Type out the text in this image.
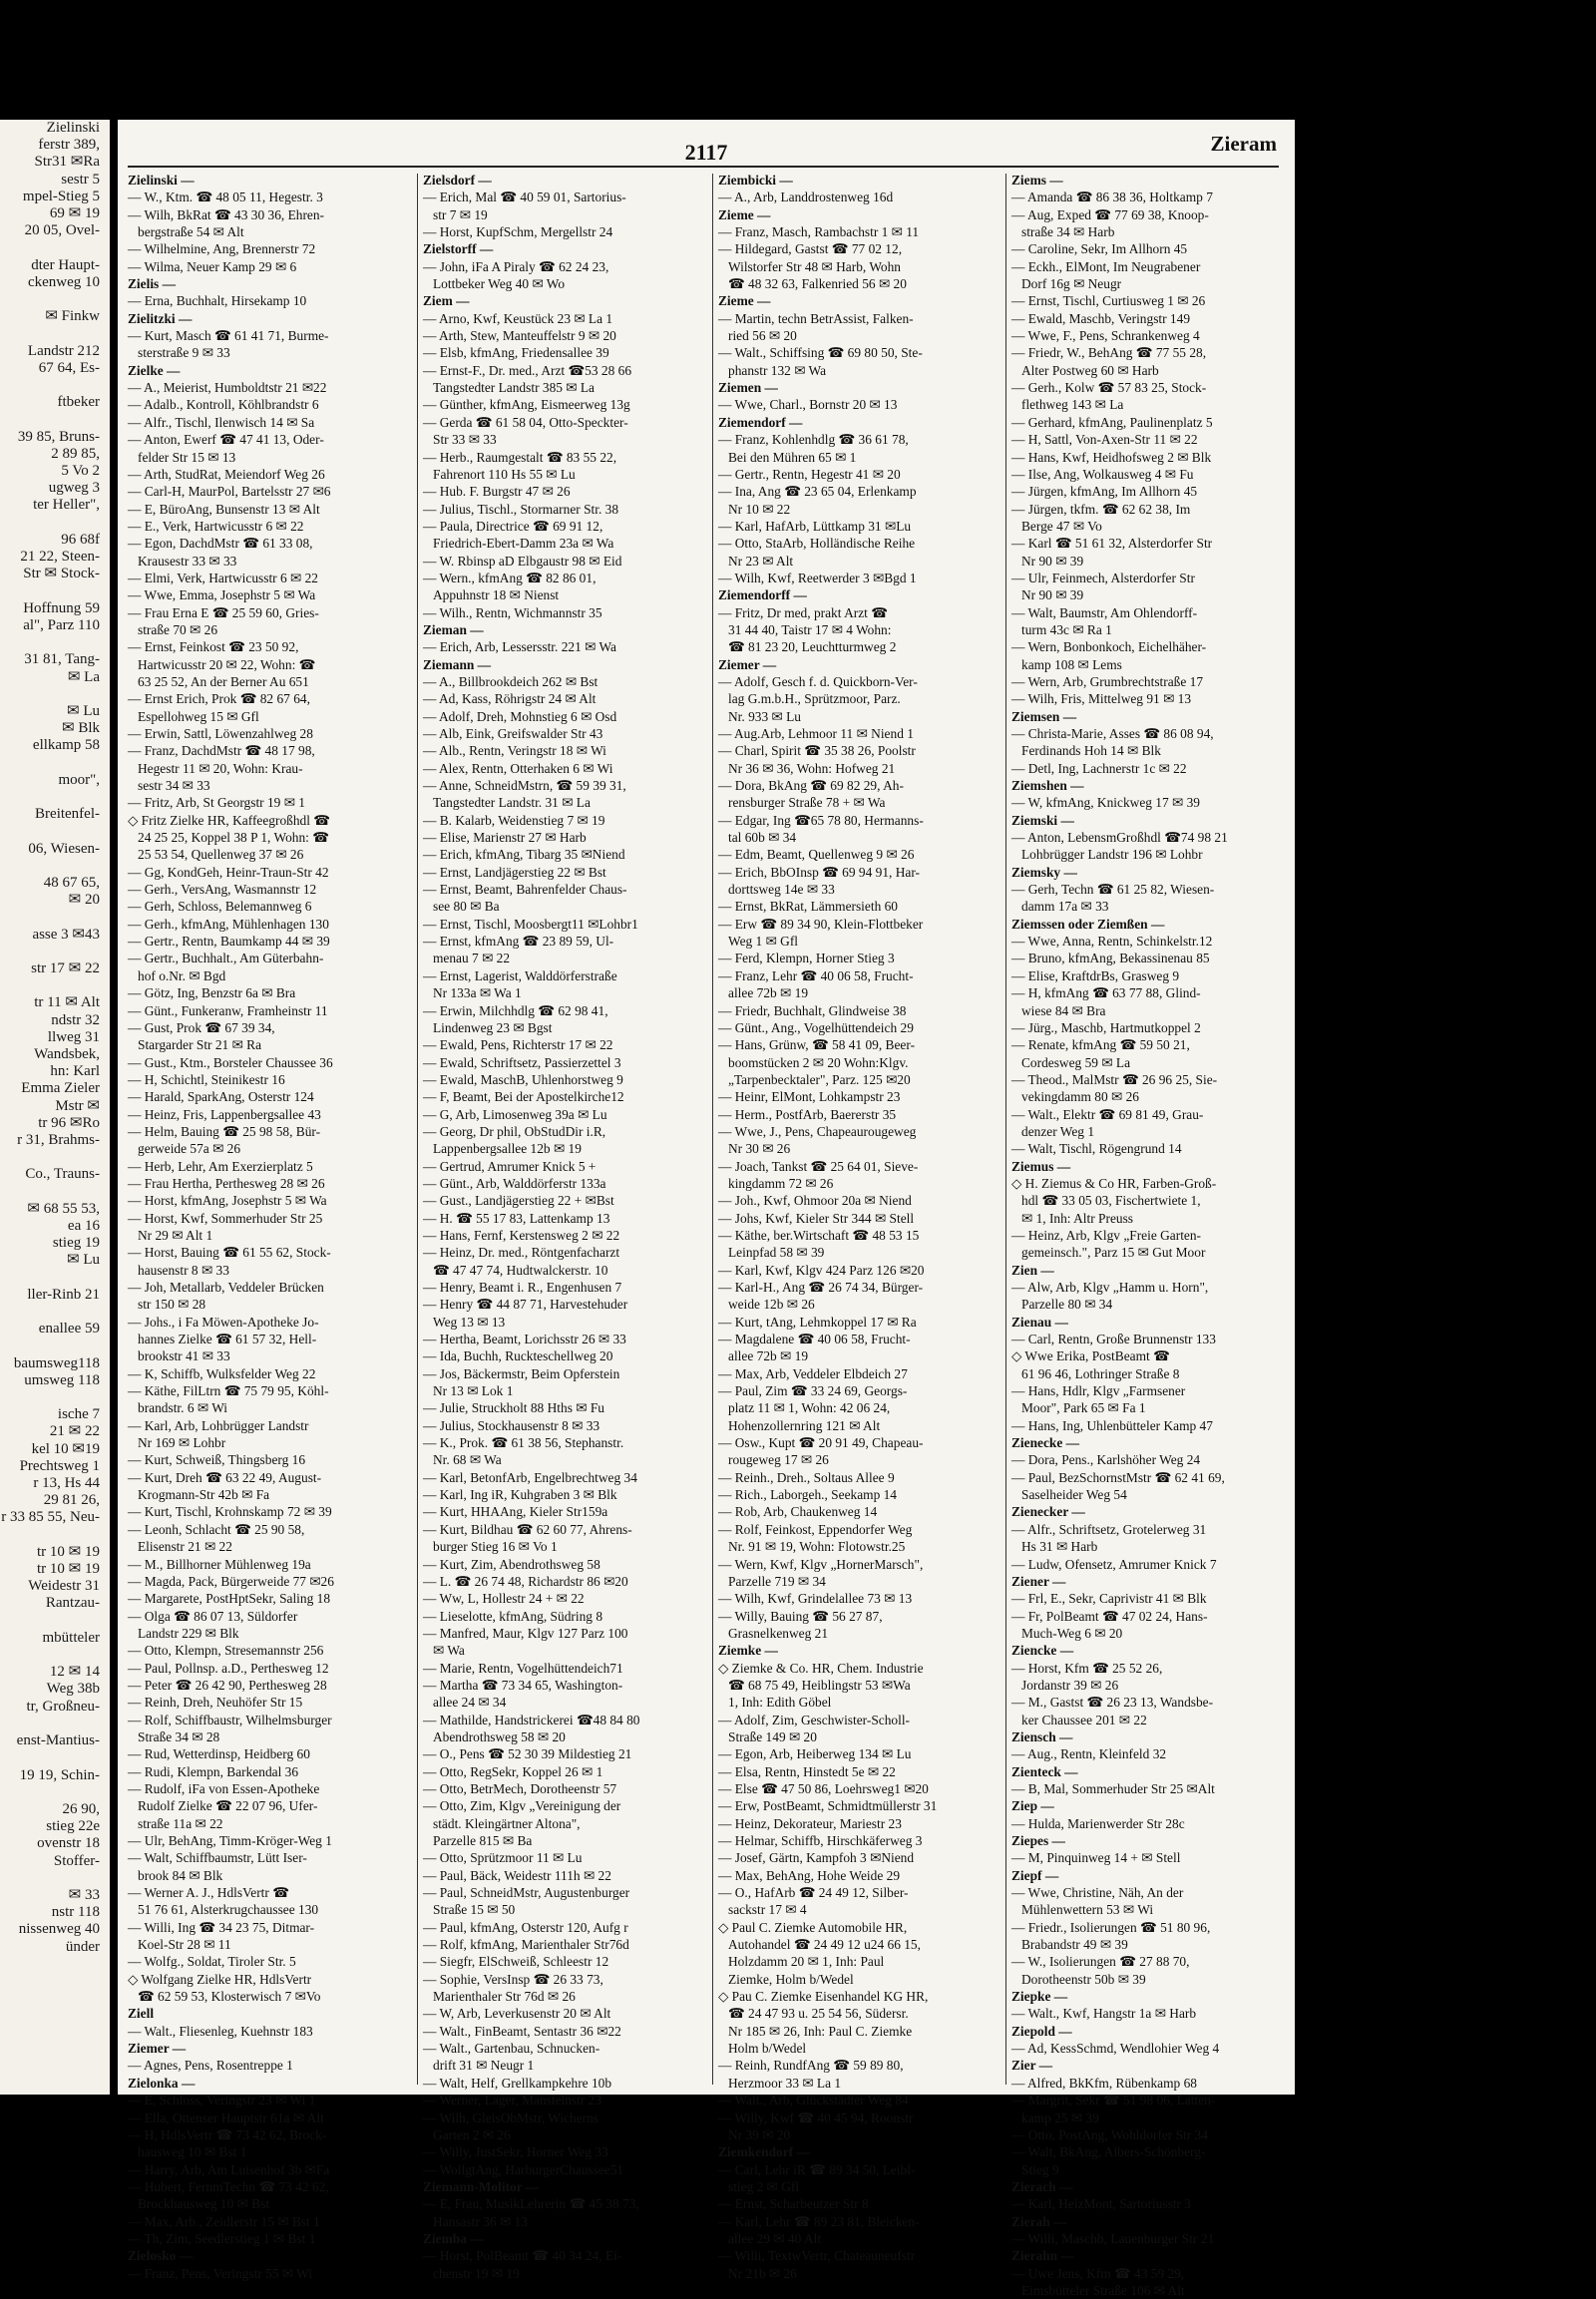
Zielinski
ferstr 389,
Str31 ✉Ra
sestr 5
mpel-Stieg 5
69 ✉ 19
20 05, Ovel-

dter Haupt-
ckenweg 10

✉ Finkw

Landstr 212
67 64, Es-

ftbeker

39 85, Bruns-
2 89 85,
5 Vo 2
ugweg 3
ter Heller",

96 68f
21 22, Steen-
Str ✉ Stock-

Hoffnung 59
al", Parz 110

31 81, Tang-
✉ La

✉ Lu
✉ Blk
ellkamp 58

moor",

Breitenfel-

06, Wiesen-

48 67 65,
✉ 20

asse 3 ✉43

str 17 ✉ 22

tr 11 ✉ Alt
ndstr 32
llweg 31
Wandsbek,
hn: Karl
Emma Zieler
Mstr ✉
tr 96 ✉Ro
r 31, Brahms-

Co., Trauns-

✉ 68 55 53,
ea 16
stieg 19
✉ Lu

ller-Rinb 21

enallee 59

baumsweg118
umsweg 118

ische 7
21 ✉ 22
kel 10 ✉19
Prechtsweg 1
r 13, Hs 44
29 81 26,
r 33 85 55, Neu-

tr 10 ✉ 19
tr 10 ✉ 19
Weidestr 31
Rantzau-

mbütteler

12 ✉ 14
Weg 38b
tr, Großneu-

enst-Mantius-

19 19, Schin-

26 90,
stieg 22e
ovenstr 18
Stoffer-

✉ 33
nstr 118
nissenweg 40
ünder
2117	Zieram
Zielinski —
— W., Ktm. ☎ 48 05 11, Hegestr. 3
— Wilh, BkRat ☎ 43 30 36, Ehren-
bergstraße 54 ✉ Alt
— Wilhelmine, Ang, Brennerstr 72
— Wilma, Neuer Kamp 29 ✉ 6
Zielis —
— Erna, Buchhalt, Hirsekamp 10
Zielitzki —
— Kurt, Masch ☎ 61 41 71, Burme-
sterstraße 9 ✉ 33
Zielke —
— A., Meierist, Humboldtstr 21 ✉22
— Adalb., Kontroll, Köhlbrandstr 6
— Alfr., Tischl, Ilenwisch 14 ✉ Sa
— Anton, Ewerf ☎ 47 41 13, Oder-
felder Str 15 ✉ 13
— Arth, StudRat, Meiendorf Weg 26
— Carl-H, MaurPol, Bartelsstr 27 ✉6
— E, BüroAng, Bunsenstr 13 ✉ Alt
— E., Verk, Hartwicusstr 6 ✉ 22
— Egon, DachdMstr ☎ 61 33 08,
Krausestr 33 ✉ 33
— Elmi, Verk, Hartwicusstr 6 ✉ 22
— Wwe, Emma, Josephstr 5 ✉ Wa
— Frau Erna E ☎ 25 59 60, Gries-
straße 70 ✉ 26
— Ernst, Feinkost ☎ 23 50 92,
Hartwicusstr 20 ✉ 22, Wohn: ☎
63 25 52, An der Berner Au 651
— Ernst Erich, Prok ☎ 82 67 64,
Espellohweg 15 ✉ Gfl
— Erwin, Sattl, Löwenzahlweg 28
— Franz, DachdMstr ☎ 48 17 98,
Hegestr 11 ✉ 20, Wohn: Krau-
sestr 34 ✉ 33
— Fritz, Arb, St Georgstr 19 ✉ 1
◇ Fritz Zielke HR, Kaffeegroßhdl ☎
24 25 25, Koppel 38 P 1, Wohn: ☎
25 53 54, Quellenweg 37 ✉ 26
— Gg, KondGeh, Heinr-Traun-Str 42
— Gerh., VersAng, Wasmannstr 12
— Gerh, Schloss, Belemannweg 6
— Gerh., kfmAng, Mühlenhagen 130
— Gertr., Rentn, Baumkamp 44 ✉ 39
— Gertr., Buchhalt., Am Güterbahn-
hof o.Nr. ✉ Bgd
— Götz, Ing, Benzstr 6a ✉ Bra
— Günt., Funkeranw, Framheinstr 11
— Gust, Prok ☎ 67 39 34,
Stargarder Str 21 ✉ Ra
— Gust., Ktm., Borsteler Chaussee 36
— H, Schichtl, Steinikestr 16
— Harald, SparkAng, Osterstr 124
— Heinz, Fris, Lappenbergsallee 43
— Helm, Bauing ☎ 25 98 58, Bür-
gerweide 57a ✉ 26
— Herb, Lehr, Am Exerzierplatz 5
— Frau Hertha, Perthesweg 28 ✉ 26
— Horst, kfmAng, Josephstr 5 ✉ Wa
— Horst, Kwf, Sommerhuder Str 25
Nr 29 ✉ Alt 1
— Horst, Bauing ☎ 61 55 62, Stock-
hausenstr 8 ✉ 33
— Joh, Metallarb, Veddeler Brücken
str 150 ✉ 28
— Johs., i Fa Möwen-Apotheke Jo-
hannes Zielke ☎ 61 57 32, Hell-
brookstr 41 ✉ 33
— K, Schiffb, Wulksfelder Weg 22
— Käthe, FilLtrn ☎ 75 79 95, Köhl-
brandstr. 6 ✉ Wi
— Karl, Arb, Lohbrügger Landstr
Nr 169 ✉ Lohbr
— Kurt, Schweiß, Thingsberg 16
— Kurt, Dreh ☎ 63 22 49, August-
Krogmann-Str 42b ✉ Fa
— Kurt, Tischl, Krohnskamp 72 ✉ 39
— Leonh, Schlacht ☎ 25 90 58,
Elisenstr 21 ✉ 22
— M., Billhorner Mühlenweg 19a
— Magda, Pack, Bürgerweide 77 ✉26
— Margarete, PostHptSekr, Saling 18
— Olga ☎ 86 07 13, Süldorfer
Landstr 229 ✉ Blk
— Otto, Klempn, Stresemannstr 256
— Paul, Pollnsp. a.D., Perthesweg 12
— Peter ☎ 26 42 90, Perthesweg 28
— Reinh, Dreh, Neuhöfer Str 15
— Rolf, Schiffbaustr, Wilhelmsburger
Straße 34 ✉ 28
— Rud, Wetterdinsp, Heidberg 60
— Rudi, Klempn, Barkendal 36
— Rudolf, iFa von Essen-Apotheke
Rudolf Zielke ☎ 22 07 96, Ufer-
straße 11a ✉ 22
— Ulr, BehAng, Timm-Kröger-Weg 1
— Walt, Schiffbaumstr, Lütt Iser-
brook 84 ✉ Blk
— Werner A. J., HdlsVertr ☎
51 76 61, Alsterkrugchaussee 130
— Willi, Ing ☎ 34 23 75, Ditmar-
Koel-Str 28 ✉ 11
— Wolfg., Soldat, Tiroler Str. 5
◇ Wolfgang Zielke HR, HdlsVertr
☎ 62 59 53, Klosterwisch 7 ✉Vo
Ziell
— Walt., Fliesenleg, Kuehnstr 183
Ziemer —
— Agnes, Pens, Rosentreppe 1
Zielonka —
— E, Schloss, Veringstr 23 ✉ Wi 1
— Ella, Ottenser Hauptstr 61a ✉ Alt
— H, HdlsVertr ☎ 73 42 62, Brock-
hausweg 10 ✉ Bst 1
— Harry, Arb, Am Luisenhof 3b ✉Fa
— Hubert, FernmTechn ☎ 73 42 62,
Brockhausweg 10 ✉ Bst
— Max, Arb., Zeidlerstr 15 ✉ Bst 1
— Th, Zim, Seedlerstieg 1 ✉ Bst 1
Zielosko —
— Franz, Pens, Veringstr 55 ✉ Wi
Zielsdorf —
— Erich, Mal ☎ 40 59 01, Sartorius-
str 7 ✉ 19
— Horst, KupfSchm, Mergellstr 24
Zielstorff —
— John, iFa A Piraly ☎ 62 24 23,
Lottbeker Weg 40 ✉ Wo
Ziem —
— Arno, Kwf, Keustück 23 ✉ La 1
— Arth, Stew, Manteuffelstr 9 ✉ 20
— Elsb, kfmAng, Friedensallee 39
— Ernst-F., Dr. med., Arzt ☎53 28 66
Tangstedter Landstr 385 ✉ La
— Günther, kfmAng, Eismeerweg 13g
— Gerda ☎ 61 58 04, Otto-Speckter-
Str 33 ✉ 33
— Herb., Raumgestalt ☎ 83 55 22,
Fahrenort 110 Hs 55 ✉ Lu
— Hub. F. Burgstr 47 ✉ 26
— Julius, Tischl., Stormarner Str. 38
— Paula, Directrice ☎ 69 91 12,
Friedrich-Ebert-Damm 23a ✉ Wa
— W. Rbinsp aD Elbgaustr 98 ✉ Eid
— Wern., kfmAng ☎ 82 86 01,
Appuhnstr 18 ✉ Nienst
— Wilh., Rentn, Wichmannstr 35
Zieman —
— Erich, Arb, Lessersstr. 221 ✉ Wa
Ziemann —
— A., Billbrookdeich 262 ✉ Bst
— Ad, Kass, Röhrigstr 24 ✉ Alt
— Adolf, Dreh, Mohnstieg 6 ✉ Osd
— Alb, Eink, Greifswalder Str 43
— Alb., Rentn, Veringstr 18 ✉ Wi
— Alex, Rentn, Otterhaken 6 ✉ Wi
— Anne, SchneidMstrn, ☎ 59 39 31,
Tangstedter Landstr. 31 ✉ La
— B. Kalarb, Weidenstieg 7 ✉ 19
— Elise, Marienstr 27 ✉ Harb
— Erich, kfmAng, Tibarg 35 ✉Niend
— Ernst, Landjägerstieg 22 ✉ Bst
— Ernst, Beamt, Bahrenfelder Chaus-
see 80 ✉ Ba
— Ernst, Tischl, Moosbergt11 ✉Lohbr1
— Ernst, kfmAng ☎ 23 89 59, Ul-
menau 7 ✉ 22
— Ernst, Lagerist, Walddörferstraße
Nr 133a ✉ Wa 1
— Erwin, Milchhdlg ☎ 62 98 41,
Lindenweg 23 ✉ Bgst
— Ewald, Pens, Richterstr 17 ✉ 22
— Ewald, Schriftsetz, Passierzettel 3
— Ewald, MaschB, Uhlenhorstweg 9
— F, Beamt, Bei der Apostelkirche12
— G, Arb, Limosenweg 39a ✉ Lu
— Georg, Dr phil, ObStudDir i.R,
Lappenbergsallee 12b ✉ 19
— Gertrud, Amrumer Knick 5 +
— Günt., Arb, Walddörferstr 133a
— Gust., Landjägerstieg 22 + ✉Bst
— H. ☎ 55 17 83, Lattenkamp 13
— Hans, Fernf, Kerstensweg 2 ✉ 22
— Heinz, Dr. med., Röntgenfacharzt
☎ 47 47 74, Hudtwalckerstr. 10
— Henry, Beamt i. R., Engenhusen 7
— Henry ☎ 44 87 71, Harvestehuder
Weg 13 ✉ 13
— Hertha, Beamt, Lorichsstr 26 ✉ 33
— Ida, Buchh, Ruckteschellweg 20
— Jos, Bäckermstr, Beim Opferstein
Nr 13 ✉ Lok 1
— Julie, Struckholt 88 Hths ✉ Fu
— Julius, Stockhausenstr 8 ✉ 33
— K., Prok. ☎ 61 38 56, Stephanstr.
Nr. 68 ✉ Wa
— Karl, BetonfArb, Engelbrechtweg 34
— Karl, Ing iR, Kuhgraben 3 ✉ Blk
— Kurt, HHAAng, Kieler Str159a
— Kurt, Bildhau ☎ 62 60 77, Ahrens-
burger Stieg 16 ✉ Vo 1
— Kurt, Zim, Abendrothsweg 58
— L. ☎ 26 74 48, Richardstr 86 ✉20
— Ww, L, Hollestr 24 + ✉ 22
— Lieselotte, kfmAng, Südring 8
— Manfred, Maur, Klgv 127 Parz 100
✉ Wa
— Marie, Rentn, Vogelhüttendeich71
— Martha ☎ 73 34 65, Washington-
allee 24 ✉ 34
— Mathilde, Handstrickerei ☎48 84 80
Abendrothsweg 58 ✉ 20
— O., Pens ☎ 52 30 39 Mildestieg 21
— Otto, RegSekr, Koppel 26 ✉ 1
— Otto, BetrMech, Dorotheenstr 57
— Otto, Zim, Klgv „Vereinigung der
städt. Kleingärtner Altona",
Parzelle 815 ✉ Ba
— Otto, Sprützmoor 11 ✉ Lu
— Paul, Bäck, Weidestr 111h ✉ 22
— Paul, SchneidMstr, Augustenburger
Straße 15 ✉ 50
— Paul, kfmAng, Osterstr 120, Aufg r
— Rolf, kfmAng, Marienthaler Str76d
— Siegfr, ElSchweiß, Schleestr 12
— Sophie, VersInsp ☎ 26 33 73,
Marienthaler Str 76d ✉ 26
— W, Arb, Leverkusenstr 20 ✉ Alt
— Walt., FinBeamt, Sentastr 36 ✉22
— Walt., Gartenbau, Schnucken-
drift 31 ✉ Neugr 1
— Walt, Helf, Grellkampkehre 10b
— Werner, Lager, Mansteinstr 23
— Wilh, GleisObMstr, Wicherns
Garten 2 ✉ 26
— Willy, JustSekr, Horner Weg 33
— WollgtAng, HarburgerChaussee51
Ziemann-Molitor —
— E, Frau, MusikLehrerin ☎ 45 38 73,
Hansastr 36 ✉ 13
Ziemba —
— Horst, PolBeamt ☎ 40 34 24, Ei-
chenstr 19 ✉ 19
Ziembicki —
— A., Arb, Landdrostenweg 16d
Zieme —
— Franz, Masch, Rambachstr 1 ✉ 11
— Hildegard, Gastst ☎ 77 02 12,
Wilstorfer Str 48 ✉ Harb, Wohn
☎ 48 32 63, Falkenried 56 ✉ 20
Zieme —
— Martin, techn BetrAssist, Falken-
ried 56 ✉ 20
— Walt., Schiffsing ☎ 69 80 50, Ste-
phanstr 132 ✉ Wa
Ziemen —
— Wwe, Charl., Bornstr 20 ✉ 13
Ziemendorf —
— Franz, Kohlenhdlg ☎ 36 61 78,
Bei den Mühren 65 ✉ 1
— Gertr., Rentn, Hegestr 41 ✉ 20
— Ina, Ang ☎ 23 65 04, Erlenkamp
Nr 10 ✉ 22
— Karl, HafArb, Lüttkamp 31 ✉Lu
— Otto, StaArb, Holländische Reihe
Nr 23 ✉ Alt
— Wilh, Kwf, Reetwerder 3 ✉Bgd 1
Ziemendorff —
— Fritz, Dr med, prakt Arzt ☎
31 44 40, Taistr 17 ✉ 4 Wohn:
☎ 81 23 20, Leuchtturmweg 2
Ziemer —
— Adolf, Gesch f. d. Quickborn-Ver-
lag G.m.b.H., Sprützmoor, Parz.
Nr. 933 ✉ Lu
— Aug.Arb, Lehmoor 11 ✉ Niend 1
— Charl, Spirit ☎ 35 38 26, Poolstr
Nr 36 ✉ 36, Wohn: Hofweg 21
— Dora, BkAng ☎ 69 82 29, Ah-
rensburger Straße 78 + ✉ Wa
— Edgar, Ing ☎65 78 80, Hermanns-
tal 60b ✉ 34
— Edm, Beamt, Quellenweg 9 ✉ 26
— Erich, BbOInsp ☎ 69 94 91, Har-
dorttsweg 14e ✉ 33
— Ernst, BkRat, Lämmersieth 60
— Erw ☎ 89 34 90, Klein-Flottbeker
Weg 1 ✉ Gfl
— Ferd, Klempn, Horner Stieg 3
— Franz, Lehr ☎ 40 06 58, Frucht-
allee 72b ✉ 19
— Friedr, Buchhalt, Glindweise 38
— Günt., Ang., Vogelhüttendeich 29
— Hans, Grünw, ☎ 58 41 09, Beer-
boomstücken 2 ✉ 20 Wohn:Klgv.
„Tarpenbecktaler", Parz. 125 ✉20
— Heinr, ElMont, Lohkampstr 23
— Herm., PostfArb, Baererstr 35
— Wwe, J., Pens, Chapeaurougeweg
Nr 30 ✉ 26
— Joach, Tankst ☎ 25 64 01, Sieve-
kingdamm 72 ✉ 26
— Joh., Kwf, Ohmoor 20a ✉ Niend
— Johs, Kwf, Kieler Str 344 ✉ Stell
— Käthe, ber.Wirtschaft ☎ 48 53 15
Leinpfad 58 ✉ 39
— Karl, Kwf, Klgv 424 Parz 126 ✉20
— Karl-H., Ang ☎ 26 74 34, Bürger-
weide 12b ✉ 26
— Kurt, tAng, Lehmkoppel 17 ✉ Ra
— Magdalene ☎ 40 06 58, Frucht-
allee 72b ✉ 19
— Max, Arb, Veddeler Elbdeich 27
— Paul, Zim ☎ 33 24 69, Georgs-
platz 11 ✉ 1, Wohn: 42 06 24,
Hohenzollernring 121 ✉ Alt
— Osw., Kupt ☎ 20 91 49, Chapeau-
rougeweg 17 ✉ 26
— Reinh., Dreh., Soltaus Allee 9
— Rich., Laborgeh., Seekamp 14
— Rob, Arb, Chaukenweg 14
— Rolf, Feinkost, Eppendorfer Weg
Nr. 91 ✉ 19, Wohn: Flotowstr.25
— Wern, Kwf, Klgv „HornerMarsch",
Parzelle 719 ✉ 34
— Wilh, Kwf, Grindelallee 73 ✉ 13
— Willy, Bauing ☎ 56 27 87,
Grasnelkenweg 21
Ziemke —
◇ Ziemke & Co. HR, Chem. Industrie
☎ 68 75 49, Heiblingstr 53 ✉Wa
1, Inh: Edith Göbel
— Adolf, Zim, Geschwister-Scholl-
Straße 149 ✉ 20
— Egon, Arb, Heiberweg 134 ✉ Lu
— Elsa, Rentn, Hinstedt 5e ✉ 22
— Else ☎ 47 50 86, Loehrsweg1 ✉20
— Erw, PostBeamt, Schmidtmüllerstr 31
— Heinz, Dekorateur, Mariestr 23
— Helmar, Schiffb, Hirschkäferweg 3
— Josef, Gärtn, Kampfoh 3 ✉Niend
— Max, BehAng, Hohe Weide 29
— O., HafArb ☎ 24 49 12, Silber-
sackstr 17 ✉ 4
◇ Paul C. Ziemke Automobile HR,
Autohandel ☎ 24 49 12 u24 66 15,
Holzdamm 20 ✉ 1, Inh: Paul
Ziemke, Holm b/Wedel
◇ Pau C. Ziemke Eisenhandel KG HR,
☎ 24 47 93 u. 25 54 56, Südersr.
Nr 185 ✉ 26, Inh: Paul C. Ziemke
Holm b/Wedel
— Reinh, RundfAng ☎ 59 89 80,
Herzmoor 33 ✉ La 1
— Walt., Arb, Glückstädter Weg 84
— Willy, Kwf ☎ 40 45 94, Roonstr
Nr 39 ✉ 20
Ziemkendorf —
— Carl, Lehr iR ☎ 89 34 50, Leibl-
stieg 2 ✉ Gfl
— Ernst, Scharbeutzer Str 8
— Karl, Lehr ☎ 89 23 81, Bleicken-
allee 29 ✉ 40 Alt
— Willi, TextwVertr, Chateauneufstr
Nr 21b ✉ 26
Ziems —
— Amanda ☎ 86 38 36, Holtkamp 7
— Aug, Exped ☎ 77 69 38, Knoop-
straße 34 ✉ Harb
— Caroline, Sekr, Im Allhorn 45
— Eckh., ElMont, Im Neugrabener
Dorf 16g ✉ Neugr
— Ernst, Tischl, Curtiusweg 1 ✉ 26
— Ewald, Maschb, Veringstr 149
— Wwe, F., Pens, Schrankenweg 4
— Friedr, W., BehAng ☎ 77 55 28,
Alter Postweg 60 ✉ Harb
— Gerh., Kolw ☎ 57 83 25, Stock-
flethweg 143 ✉ La
— Gerhard, kfmAng, Paulinenplatz 5
— H, Sattl, Von-Axen-Str 11 ✉ 22
— Hans, Kwf, Heidhofsweg 2 ✉ Blk
— Ilse, Ang, Wolkausweg 4 ✉ Fu
— Jürgen, kfmAng, Im Allhorn 45
— Jürgen, tkfm. ☎ 62 62 38, Im
Berge 47 ✉ Vo
— Karl ☎ 51 61 32, Alsterdorfer Str
Nr 90 ✉ 39
— Ulr, Feinmech, Alsterdorfer Str
Nr 90 ✉ 39
— Walt, Baumstr, Am Ohlendorff-
turm 43c ✉ Ra 1
— Wern, Bonbonkoch, Eichelhäher-
kamp 108 ✉ Lems
— Wern, Arb, Grumbrechtstraße 17
— Wilh, Fris, Mittelweg 91 ✉ 13
Ziemsen —
— Christa-Marie, Asses ☎ 86 08 94,
Ferdinands Hoh 14 ✉ Blk
— Detl, Ing, Lachnerstr 1c ✉ 22
Ziemshen —
— W, kfmAng, Knickweg 17 ✉ 39
Ziemski —
— Anton, LebensmGroßhdl ☎74 98 21
Lohbrügger Landstr 196 ✉ Lohbr
Ziemsky —
— Gerh, Techn ☎ 61 25 82, Wiesen-
damm 17a ✉ 33
Ziemssen oder Ziemßen —
— Wwe, Anna, Rentn, Schinkelstr.12
— Bruno, kfmAng, Bekassinenau 85
— Elise, KraftdrBs, Grasweg 9
— H, kfmAng ☎ 63 77 88, Glind-
wiese 84 ✉ Bra
— Jürg., Maschb, Hartmutkoppel 2
— Renate, kfmAng ☎ 59 50 21,
Cordesweg 59 ✉ La
— Theod., MalMstr ☎ 26 96 25, Sie-
vekingdamm 80 ✉ 26
— Walt., Elektr ☎ 69 81 49, Grau-
denzer Weg 1
— Walt, Tischl, Rögengrund 14
Ziemus —
◇ H. Ziemus & Co HR, Farben-Groß-
hdl ☎ 33 05 03, Fischertwiete 1,
✉ 1, Inh: Altr Preuss
— Heinz, Arb, Klgv „Freie Garten-
gemeinsch.", Parz 15 ✉ Gut Moor
Zien —
— Alw, Arb, Klgv „Hamm u. Horn",
Parzelle 80 ✉ 34
Zienau —
— Carl, Rentn, Große Brunnenstr 133
◇ Wwe Erika, PostBeamt ☎
61 96 46, Lothringer Straße 8
— Hans, Hdlr, Klgv „Farmsener
Moor", Park 65 ✉ Fa 1
— Hans, Ing, Uhlenbütteler Kamp 47
Zienecke —
— Dora, Pens., Karlshöher Weg 24
— Paul, BezSchornstMstr ☎ 62 41 69,
Saselheider Weg 54
Zienecker —
— Alfr., Schriftsetz, Grotelerweg 31
Hs 31 ✉ Harb
— Ludw, Ofensetz, Amrumer Knick 7
Ziener —
— Frl, E., Sekr, Caprivistr 41 ✉ Blk
— Fr, PolBeamt ☎ 47 02 24, Hans-
Much-Weg 6 ✉ 20
Ziencke —
— Horst, Kfm ☎ 25 52 26,
Jordanstr 39 ✉ 26
— M., Gastst ☎ 26 23 13, Wandsbe-
ker Chaussee 201 ✉ 22
Ziensch —
— Aug., Rentn, Kleinfeld 32
Zienteck —
— B, Mal, Sommerhuder Str 25 ✉Alt
Ziep —
— Hulda, Marienwerder Str 28c
Ziepes —
— M, Pinquinweg 14 + ✉ Stell
Ziepf —
— Wwe, Christine, Näh, An der
Mühlenwettern 53 ✉ Wi
— Friedr., Isolierungen ☎ 51 80 96,
Brabandstr 49 ✉ 39
— W., Isolierungen ☎ 27 88 70,
Dorotheenstr 50b ✉ 39
Ziepke —
— Walt., Kwf, Hangstr 1a ✉ Harb
Ziepold —
— Ad, KessSchmd, Wendlohier Weg 4
Zier —
— Alfred, BkKfm, Rübenkamp 68
— Margrit, Sekr ☎ 51 98 06, Latten-
kamp 25 ✉ 39
— Otto, PostAng, Wohldorfer Str 34
— Walt, BkAng, Albers-Schönberg-
Stieg 9
Zierach —
— Karl, HeizMont, Sartoriusstr 3
Zierah —
— Willi, Maschb, Lauenburger Str 21
Zierahn —
— Uwe Jens, Kfm ☎ 43 59 29,
Eimsbütteler Straße 106 ✉ Alt
